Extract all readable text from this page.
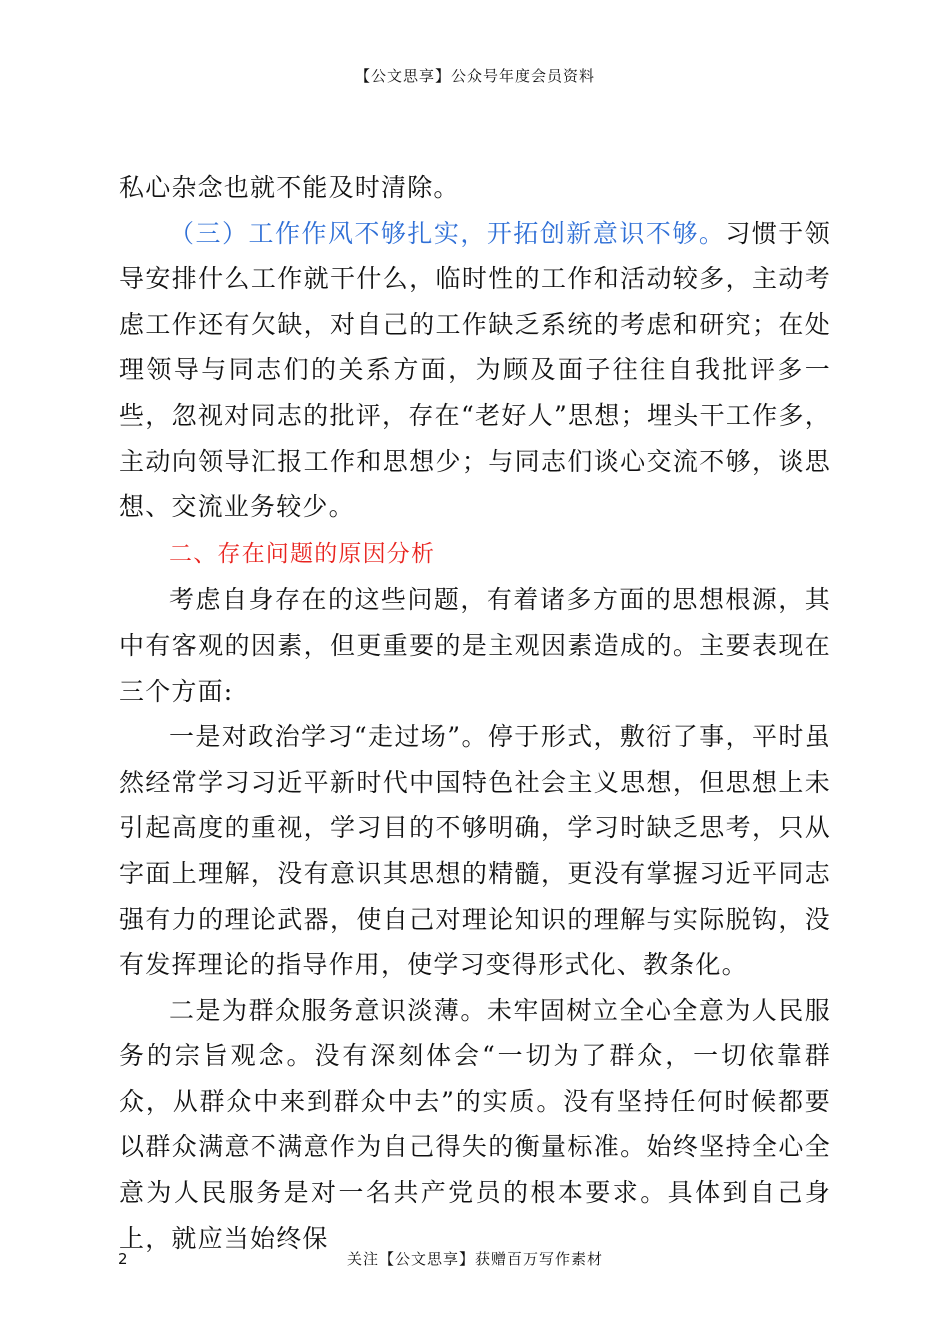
【公文思享】公众号年度会员资料

私心杂念也就不能及时清除。

（三）工作作风不够扎实，开拓创新意识不够。习惯于领导安排什么工作就干什么，临时性的工作和活动较多，主动考虑工作还有欠缺，对自己的工作缺乏系统的考虑和研究；在处理领导与同志们的关系方面，为顾及面子往往自我批评多一些，忽视对同志的批评，存在“老好人”思想；埋头干工作多，主动向领导汇报工作和思想少；与同志们谈心交流不够，谈思想、交流业务较少。

二、存在问题的原因分析

考虑自身存在的这些问题，有着诸多方面的思想根源，其中有客观的因素，但更重要的是主观因素造成的。主要表现在三个方面:

一是对政治学习“走过场”。停于形式，敷衍了事，平时虽然经常学习习近平新时代中国特色社会主义思想，但思想上未引起高度的重视，学习目的不够明确，学习时缺乏思考，只从字面上理解，没有意识其思想的精髓，更没有掌握习近平同志强有力的理论武器，使自己对理论知识的理解与实际脱钩，没有发挥理论的指导作用，使学习变得形式化、教条化。

二是为群众服务意识淡薄。未牢固树立全心全意为人民服务的宗旨观念。没有深刻体会“一切为了群众，一切依靠群众，从群众中来到群众中去”的实质。没有坚持任何时候都要以群众满意不满意作为自己得失的衡量标准。始终坚持全心全意为人民服务是对一名共产党员的根本要求。具体到自己身上，就应当始终保

2	关注【公文思享】获赠百万写作素材
